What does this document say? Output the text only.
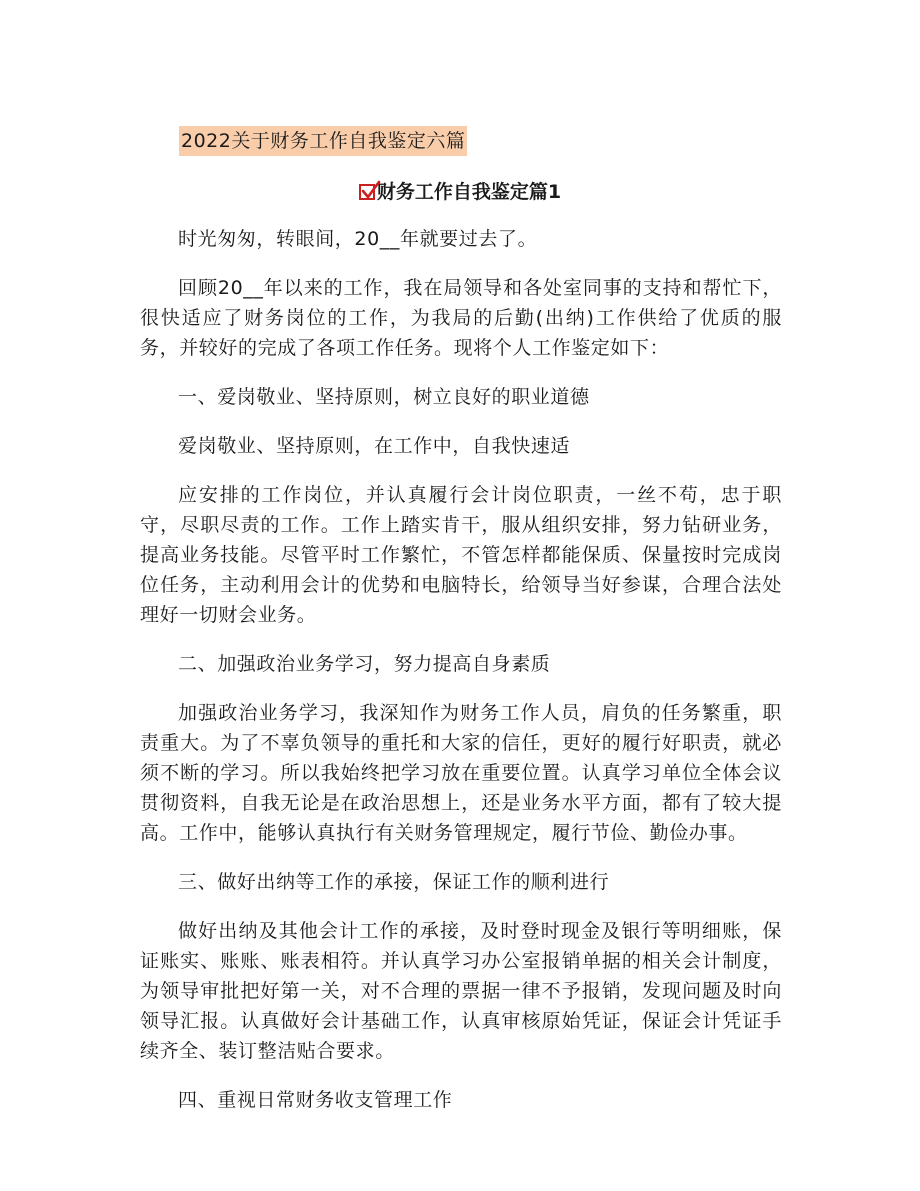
2022关于财务工作自我鉴定六篇
财务工作自我鉴定篇1

时光匆匆，转眼间，20__年就要过去了。

回顾20__年以来的工作，我在局领导和各处室同事的支持和帮忙下，很快适应了财务岗位的工作，为我局的后勤(出纳)工作供给了优质的服务，并较好的完成了各项工作任务。现将个人工作鉴定如下：

一、爱岗敬业、坚持原则，树立良好的职业道德

爱岗敬业、坚持原则，在工作中，自我快速适

应安排的工作岗位，并认真履行会计岗位职责，一丝不苟，忠于职守，尽职尽责的工作。工作上踏实肯干，服从组织安排，努力钻研业务，提高业务技能。尽管平时工作繁忙，不管怎样都能保质、保量按时完成岗位任务，主动利用会计的优势和电脑特长，给领导当好参谋，合理合法处理好一切财会业务。

二、加强政治业务学习，努力提高自身素质

加强政治业务学习，我深知作为财务工作人员，肩负的任务繁重，职责重大。为了不辜负领导的重托和大家的信任，更好的履行好职责，就必须不断的学习。所以我始终把学习放在重要位置。认真学习单位全体会议贯彻资料，自我无论是在政治思想上，还是业务水平方面，都有了较大提高。工作中，能够认真执行有关财务管理规定，履行节俭、勤俭办事。

三、做好出纳等工作的承接，保证工作的顺利进行

做好出纳及其他会计工作的承接，及时登时现金及银行等明细账，保证账实、账账、账表相符。并认真学习办公室报销单据的相关会计制度，为领导审批把好第一关，对不合理的票据一律不予报销，发现问题及时向领导汇报。认真做好会计基础工作，认真审核原始凭证，保证会计凭证手续齐全、装订整洁贴合要求。

四、重视日常财务收支管理工作
